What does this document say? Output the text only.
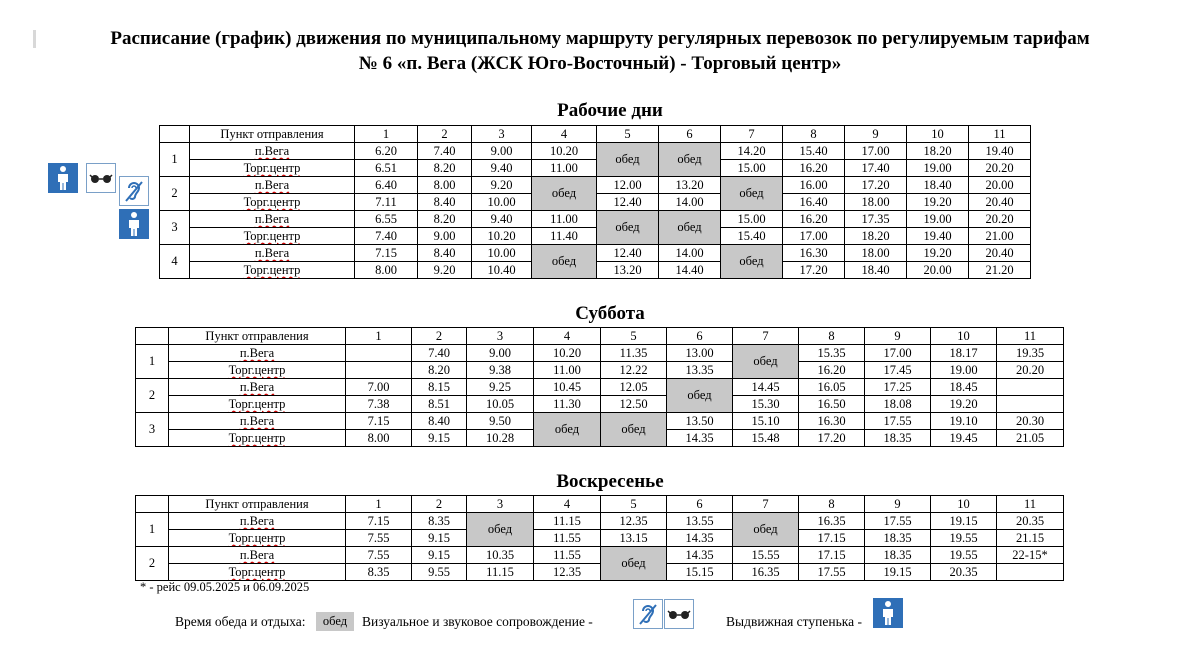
Расписание (график) движения по муниципальному маршруту регулярных перевозок по регулируемым тарифам
№ 6 «п. Вега (ЖСК Юго-Восточный) - Торговый центр»
Рабочие дни
	Пункт отправления	1	2	3	4	5	6	7	8	9	10	11
1	п.Вега	6.20	7.40	9.00	10.20	обед	обед	14.20	15.40	17.00	18.20	19.40
	Торг.центр	6.51	8.20	9.40	11.00			15.00	16.20	17.40	19.00	20.20
2	п.Вега	6.40	8.00	9.20	обед	12.00	13.20	обед	16.00	17.20	18.40	20.00
	Торг.центр	7.11	8.40	10.00		12.40	14.00		16.40	18.00	19.20	20.40
3	п.Вега	6.55	8.20	9.40	11.00	обед	обед	15.00	16.20	17.35	19.00	20.20
	Торг.центр	7.40	9.00	10.20	11.40			15.40	17.00	18.20	19.40	21.00
4	п.Вега	7.15	8.40	10.00	обед	12.40	14.00	обед	16.30	18.00	19.20	20.40
	Торг.центр	8.00	9.20	10.40		13.20	14.40		17.20	18.40	20.00	21.20
Суббота
	Пункт отправления	1	2	3	4	5	6	7	8	9	10	11
1	п.Вега		7.40	9.00	10.20	11.35	13.00	обед	15.35	17.00	18.17	19.35
	Торг.центр		8.20	9.38	11.00	12.22	13.35		16.20	17.45	19.00	20.20
2	п.Вега	7.00	8.15	9.25	10.45	12.05	обед	14.45	16.05	17.25	18.45	
	Торг.центр	7.38	8.51	10.05	11.30	12.50		15.30	16.50	18.08	19.20	
3	п.Вега	7.15	8.40	9.50	обед	обед	13.50	15.10	16.30	17.55	19.10	20.30
	Торг.центр	8.00	9.15	10.28			14.35	15.48	17.20	18.35	19.45	21.05
Воскресенье
	Пункт отправления	1	2	3	4	5	6	7	8	9	10	11
1	п.Вега	7.15	8.35	обед	11.15	12.35	13.55	обед	16.35	17.55	19.15	20.35
	Торг.центр	7.55	9.15		11.55	13.15	14.35		17.15	18.35	19.55	21.15
2	п.Вега	7.55	9.15	10.35	11.55	обед	14.35	15.55	17.15	18.35	19.55	22-15*
	Торг.центр	8.35	9.55	11.15	12.35		15.15	16.35	17.55	19.15	20.35	
* - рейс 09.05.2025 и 06.09.2025
Время обеда и отдыха:	обед	Визуальное и звуковое сопровождение -	Выдвижная ступенька -
